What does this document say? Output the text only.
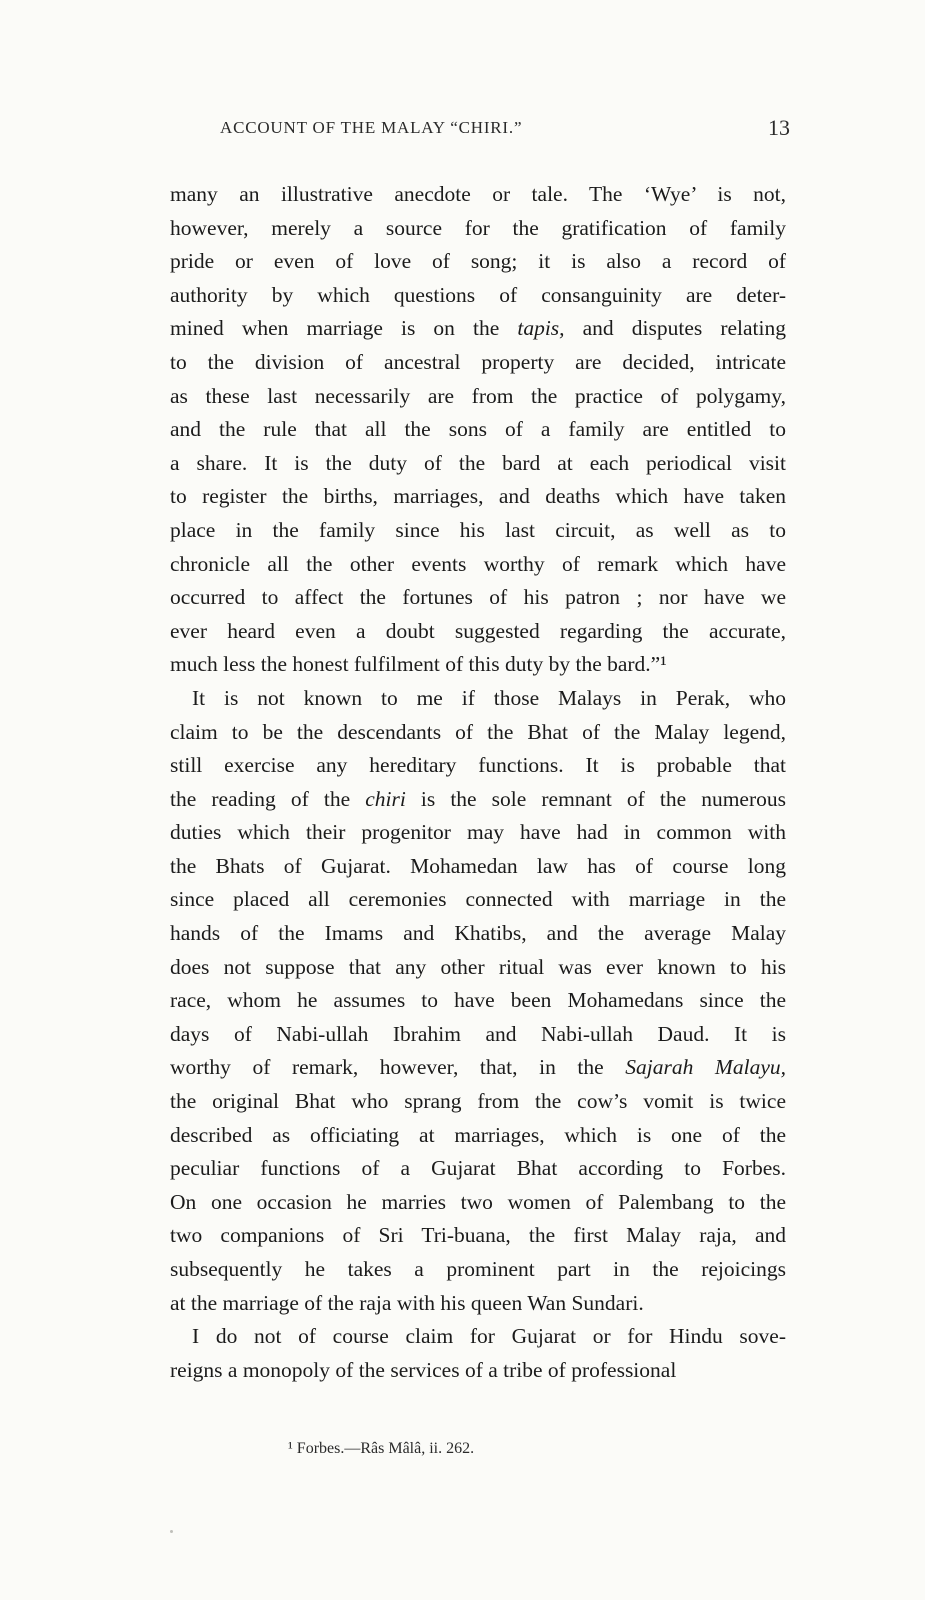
ACCOUNT OF THE MALAY “CHIRI.”	13
many an illustrative anecdote or tale. The ‘Wye’ is not,
however, merely a source for the gratification of family
pride or even of love of song; it is also a record of
authority by which questions of consanguinity are deter-
mined when marriage is on the tapis, and disputes relating
to the division of ancestral property are decided, intricate
as these last necessarily are from the practice of polygamy,
and the rule that all the sons of a family are entitled to
a share. It is the duty of the bard at each periodical visit
to register the births, marriages, and deaths which have taken
place in the family since his last circuit, as well as to
chronicle all the other events worthy of remark which have
occurred to affect the fortunes of his patron ; nor have we
ever heard even a doubt suggested regarding the accurate,
much less the honest fulfilment of this duty by the bard.”¹
It is not known to me if those Malays in Perak, who
claim to be the descendants of the Bhat of the Malay legend,
still exercise any hereditary functions. It is probable that
the reading of the chiri is the sole remnant of the numerous
duties which their progenitor may have had in common with
the Bhats of Gujarat. Mohamedan law has of course long
since placed all ceremonies connected with marriage in the
hands of the Imams and Khatibs, and the average Malay
does not suppose that any other ritual was ever known to his
race, whom he assumes to have been Mohamedans since the
days of Nabi-ullah Ibrahim and Nabi-ullah Daud. It is
worthy of remark, however, that, in the Sajarah Malayu,
the original Bhat who sprang from the cow’s vomit is twice
described as officiating at marriages, which is one of the
peculiar functions of a Gujarat Bhat according to Forbes.
On one occasion he marries two women of Palembang to the
two companions of Sri Tri-buana, the first Malay raja, and
subsequently he takes a prominent part in the rejoicings
at the marriage of the raja with his queen Wan Sundari.
I do not of course claim for Gujarat or for Hindu sove-
reigns a monopoly of the services of a tribe of professional
¹ Forbes.—Râs Mâlâ, ii. 262.
